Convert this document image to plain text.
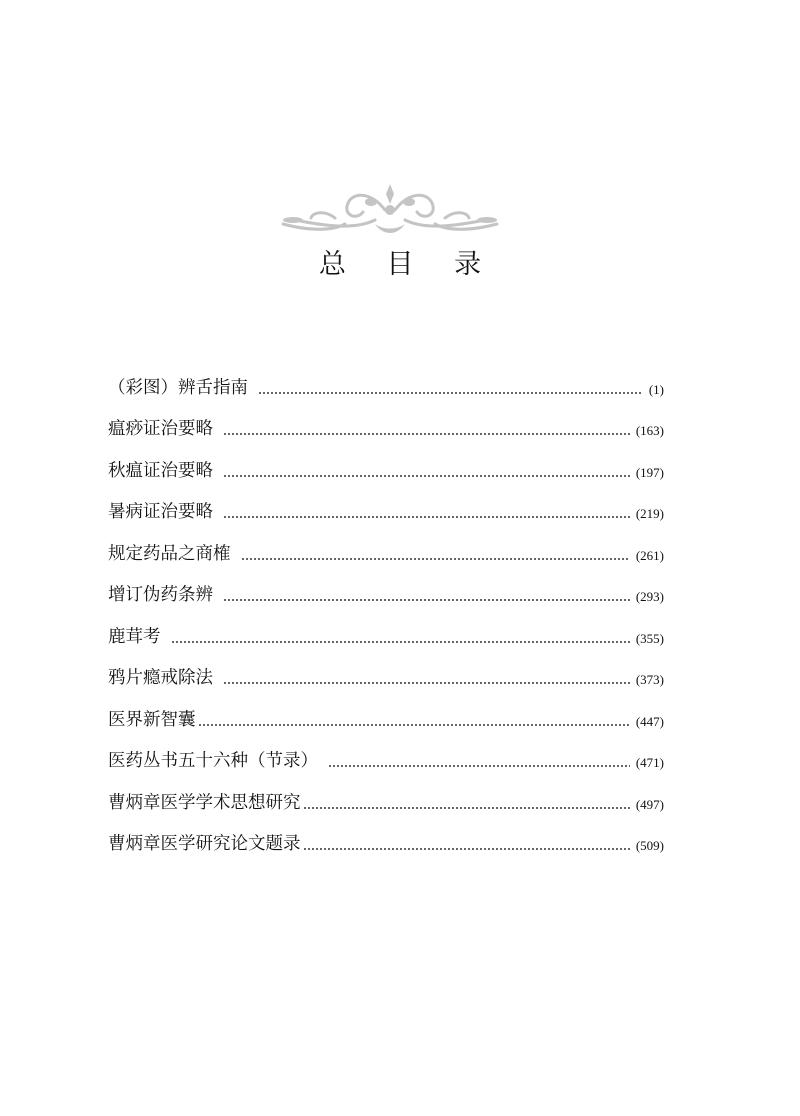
总 目 录
（彩图）辨舌指南	(1)
瘟痧证治要略	(163)
秋瘟证治要略	(197)
暑病证治要略	(219)
规定药品之商榷	(261)
增订伪药条辨	(293)
鹿茸考	(355)
鸦片瘾戒除法	(373)
医界新智囊	(447)
医药丛书五十六种（节录）	(471)
曹炳章医学学术思想研究	(497)
曹炳章医学研究论文题录	(509)
